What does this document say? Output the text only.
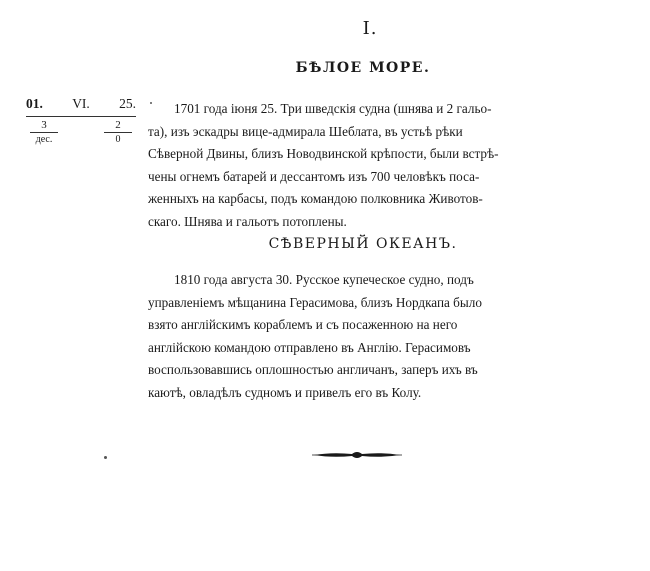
I.
БѢЛОЕ МОРЕ.
01. VI. 25.
$\frac{3}{\text{дес.}}$	$\frac{2}{0}$
1701 года іюня 25. Три шведскія судна (шнява и 2 гальо-
та), изъ эскадры вице-адмирала Шеблата, въ устьѣ рѣки
Сѣверной Двины, близъ Новодвинской крѣпости, были встрѣ-
чены огнемъ батарей и дессантомъ изъ 700 человѣкъ поса-
женныхъ на карбасы, подъ командою полковника Животов-
скаго. Шнява и гальотъ потоплены.
СѢВЕРНЫЙ ОКЕАНЪ.
1810 года августа 30. Русское купеческое судно, подъ
управленіемъ мѣщанина Герасимова, близъ Нордкапа было
взято англійскимъ кораблемъ и съ посаженною на него
англійскою командою отправлено въ Англію. Герасимовъ
воспользовавшись оплошностью англичанъ, заперъ ихъ въ
каютѣ, овладѣлъ судномъ и привелъ его въ Колу.
